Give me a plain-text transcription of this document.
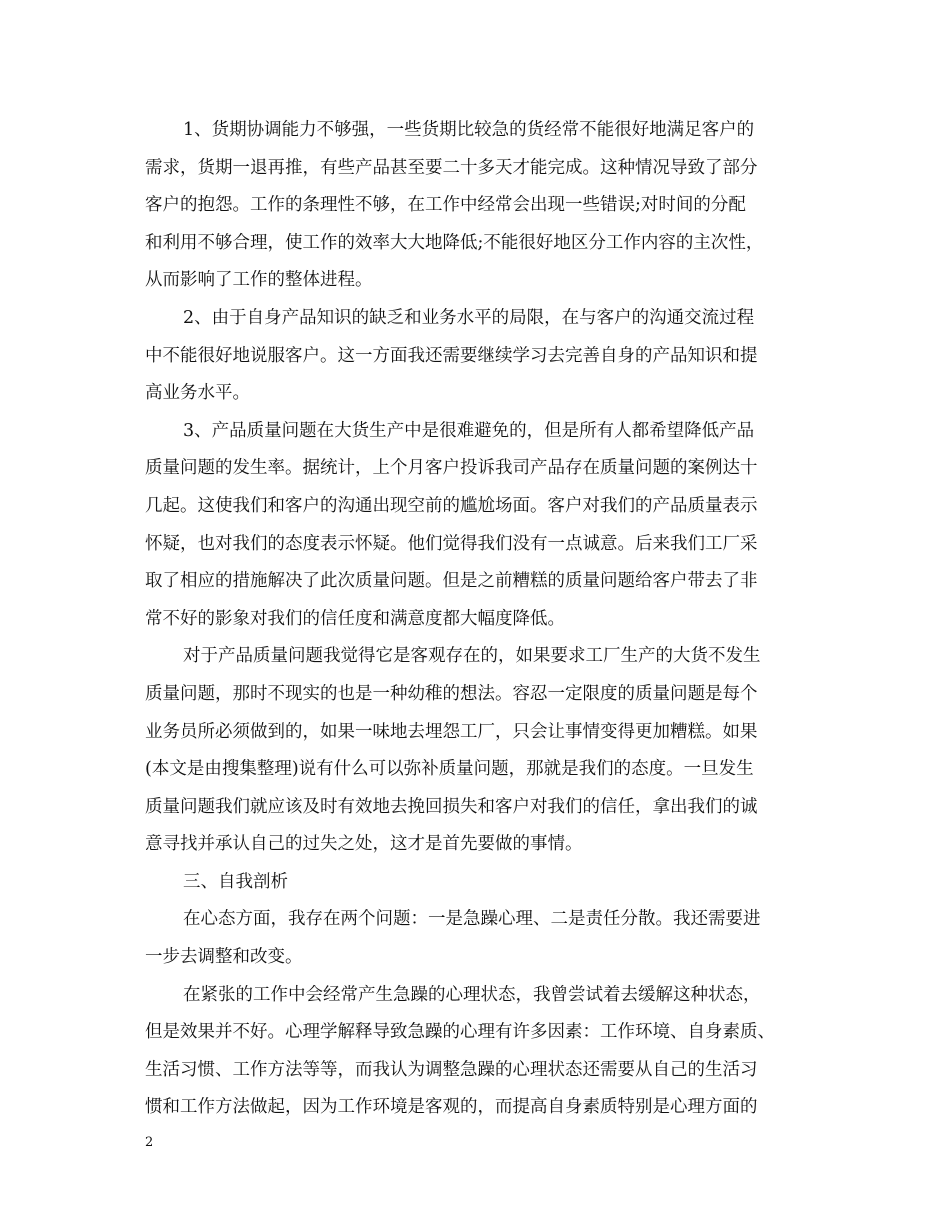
1、货期协调能力不够强，一些货期比较急的货经常不能很好地满足客户的
需求，货期一退再推，有些产品甚至要二十多天才能完成。这种情况导致了部分
客户的抱怨。工作的条理性不够，在工作中经常会出现一些错误;对时间的分配
和利用不够合理，使工作的效率大大地降低;不能很好地区分工作内容的主次性，
从而影响了工作的整体进程。
2、由于自身产品知识的缺乏和业务水平的局限，在与客户的沟通交流过程
中不能很好地说服客户。这一方面我还需要继续学习去完善自身的产品知识和提
高业务水平。
3、产品质量问题在大货生产中是很难避免的，但是所有人都希望降低产品
质量问题的发生率。据统计，上个月客户投诉我司产品存在质量问题的案例达十
几起。这使我们和客户的沟通出现空前的尴尬场面。客户对我们的产品质量表示
怀疑，也对我们的态度表示怀疑。他们觉得我们没有一点诚意。后来我们工厂采
取了相应的措施解决了此次质量问题。但是之前糟糕的质量问题给客户带去了非
常不好的影象对我们的信任度和满意度都大幅度降低。
对于产品质量问题我觉得它是客观存在的，如果要求工厂生产的大货不发生
质量问题，那时不现实的也是一种幼稚的想法。容忍一定限度的质量问题是每个
业务员所必须做到的，如果一味地去埋怨工厂，只会让事情变得更加糟糕。如果
(本文是由搜集整理)说有什么可以弥补质量问题，那就是我们的态度。一旦发生
质量问题我们就应该及时有效地去挽回损失和客户对我们的信任，拿出我们的诚
意寻找并承认自己的过失之处，这才是首先要做的事情。
三、自我剖析
在心态方面，我存在两个问题：一是急躁心理、二是责任分散。我还需要进
一步去调整和改变。
在紧张的工作中会经常产生急躁的心理状态，我曾尝试着去缓解这种状态，
但是效果并不好。心理学解释导致急躁的心理有许多因素：工作环境、自身素质、
生活习惯、工作方法等等，而我认为调整急躁的心理状态还需要从自己的生活习
惯和工作方法做起，因为工作环境是客观的，而提高自身素质特别是心理方面的
2
